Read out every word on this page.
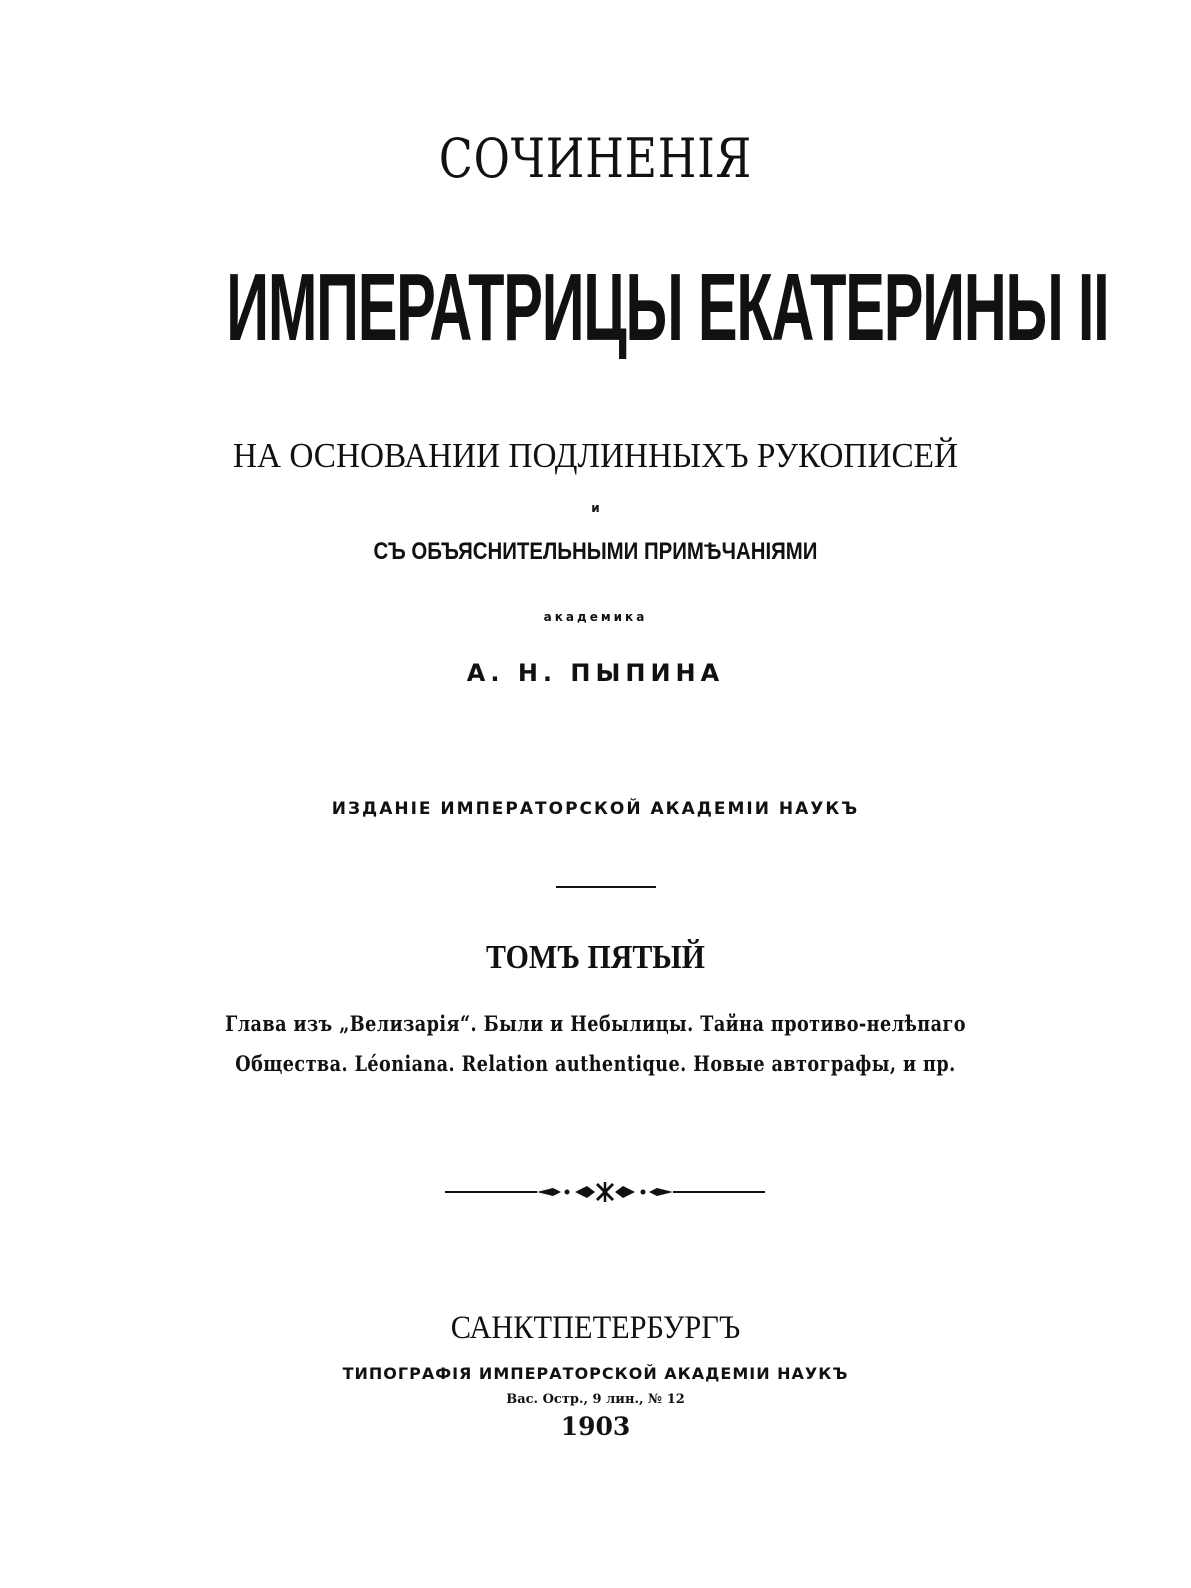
СОЧИНЕНІЯ
ИМПЕРАТРИЦЫ ЕКАТЕРИНЫ II
НА ОСНОВАНИИ ПОДЛИННЫХЪ РУКОПИСЕЙ
и
СЪ ОБЪЯСНИТЕЛЬНЫМИ ПРИМѢЧАНІЯМИ
академика
А. Н. ПЫПИНА
ИЗДАНІЕ ИМПЕРАТОРСКОЙ АКАДЕМІИ НАУКЪ
ТОМЪ ПЯТЫЙ
Глава изъ „Велизарія“. Были и Небылицы. Тайна противо-нелѣпаго
Общества. Léoniana. Relation authentique. Новые автографы, и пр.
САНКТПЕТЕРБУРГЪ
ТИПОГРАФІЯ ИМПЕРАТОРСКОЙ АКАДЕМІИ НАУКЪ
Вас. Остр., 9 лин., № 12
1903
